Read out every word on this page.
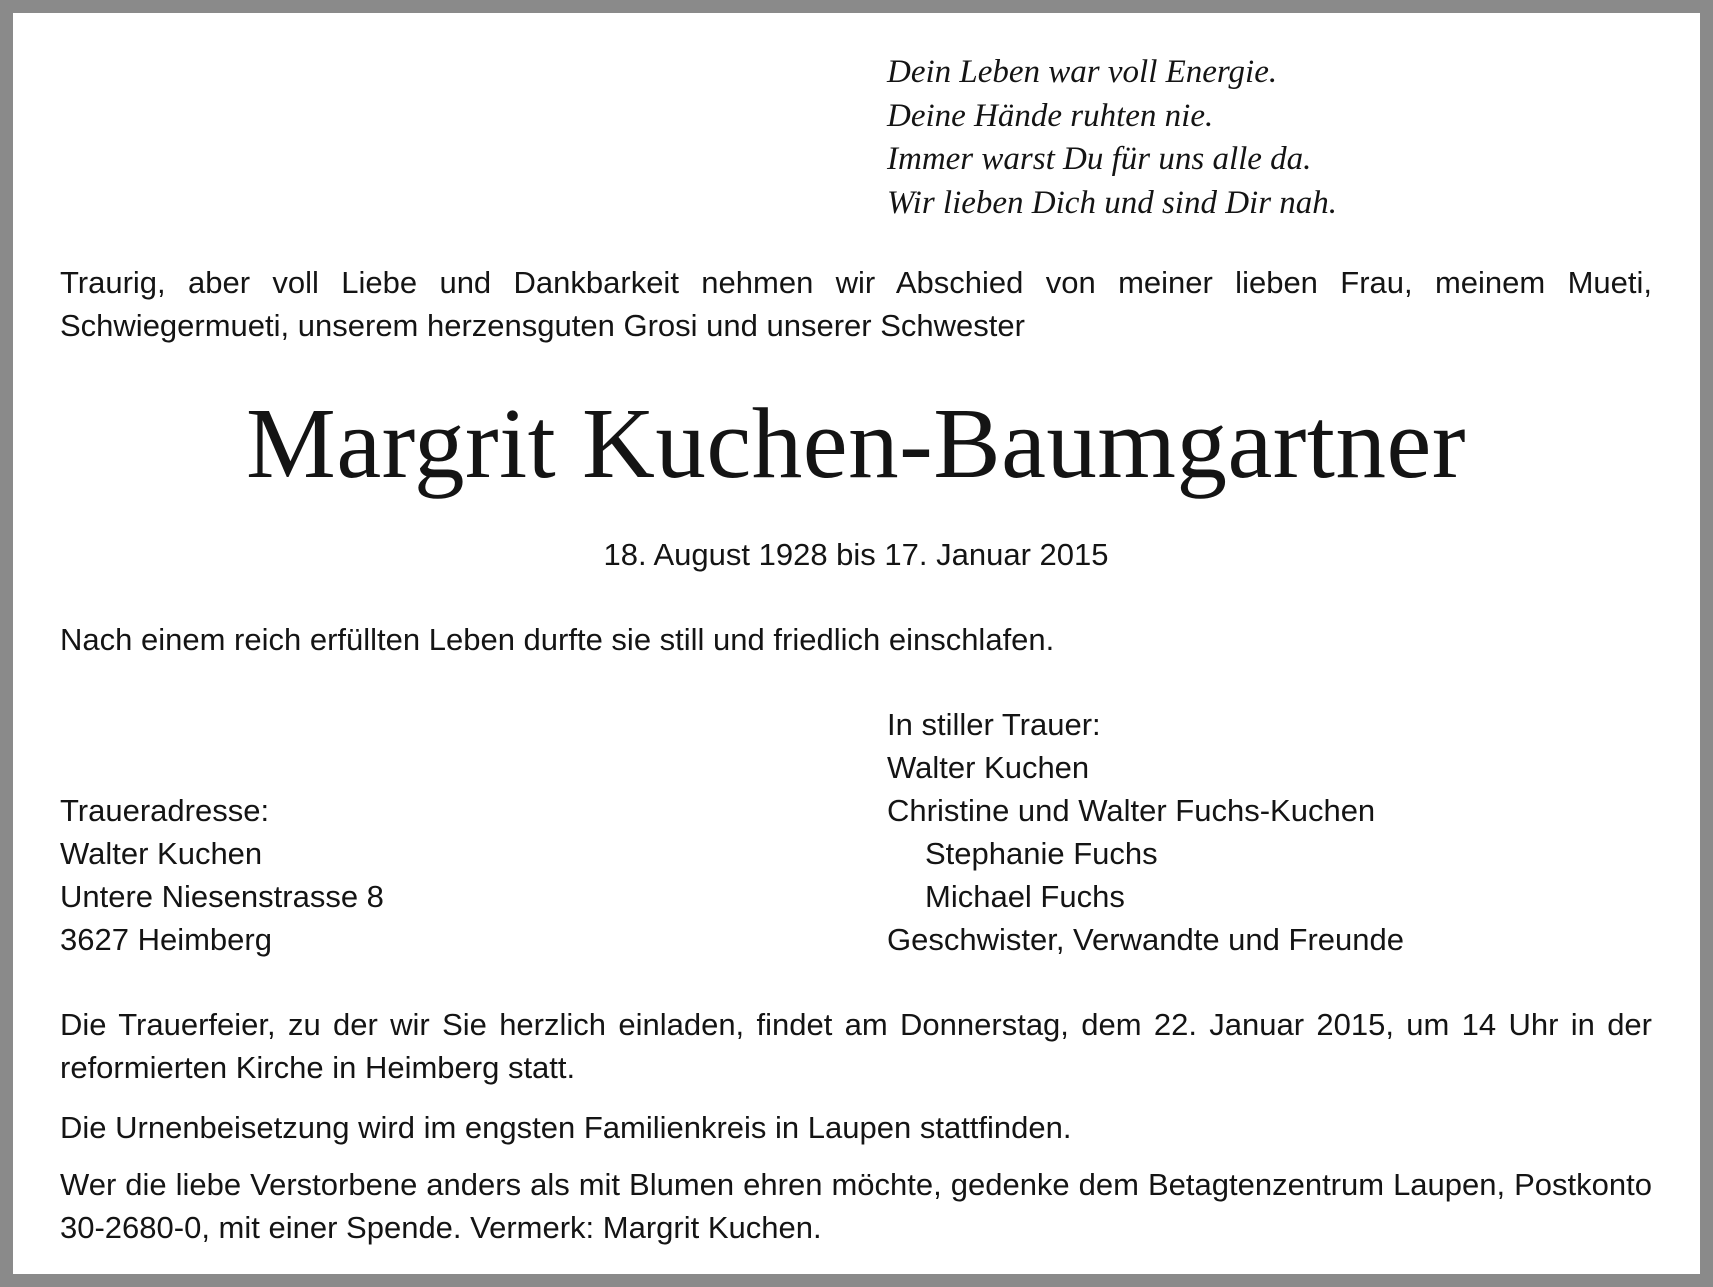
Dein Leben war voll Energie.
Deine Hände ruhten nie.
Immer warst Du für uns alle da.
Wir lieben Dich und sind Dir nah.

Traurig, aber voll Liebe und Dankbarkeit nehmen wir Abschied von meiner lieben Frau, meinem Mueti, Schwiegermueti, unserem herzensguten Grosi und unserer Schwester

Margrit Kuchen-Baumgartner

18. August 1928 bis 17. Januar 2015

Nach einem reich erfüllten Leben durfte sie still und friedlich einschlafen.

In stiller Trauer:
Walter Kuchen
Christine und Walter Fuchs-Kuchen
Stephanie Fuchs
Michael Fuchs
Geschwister, Verwandte und Freunde
Traueradresse:
Walter Kuchen
Untere Niesenstrasse 8
3627 Heimberg

Die Trauerfeier, zu der wir Sie herzlich einladen, findet am Donnerstag, dem 22. Januar 2015, um 14 Uhr in der reformierten Kirche in Heimberg statt.

Die Urnenbeisetzung wird im engsten Familienkreis in Laupen stattfinden.

Wer die liebe Verstorbene anders als mit Blumen ehren möchte, gedenke dem Betagtenzentrum Laupen, Postkonto 30-2680-0, mit einer Spende. Vermerk: Margrit Kuchen.
